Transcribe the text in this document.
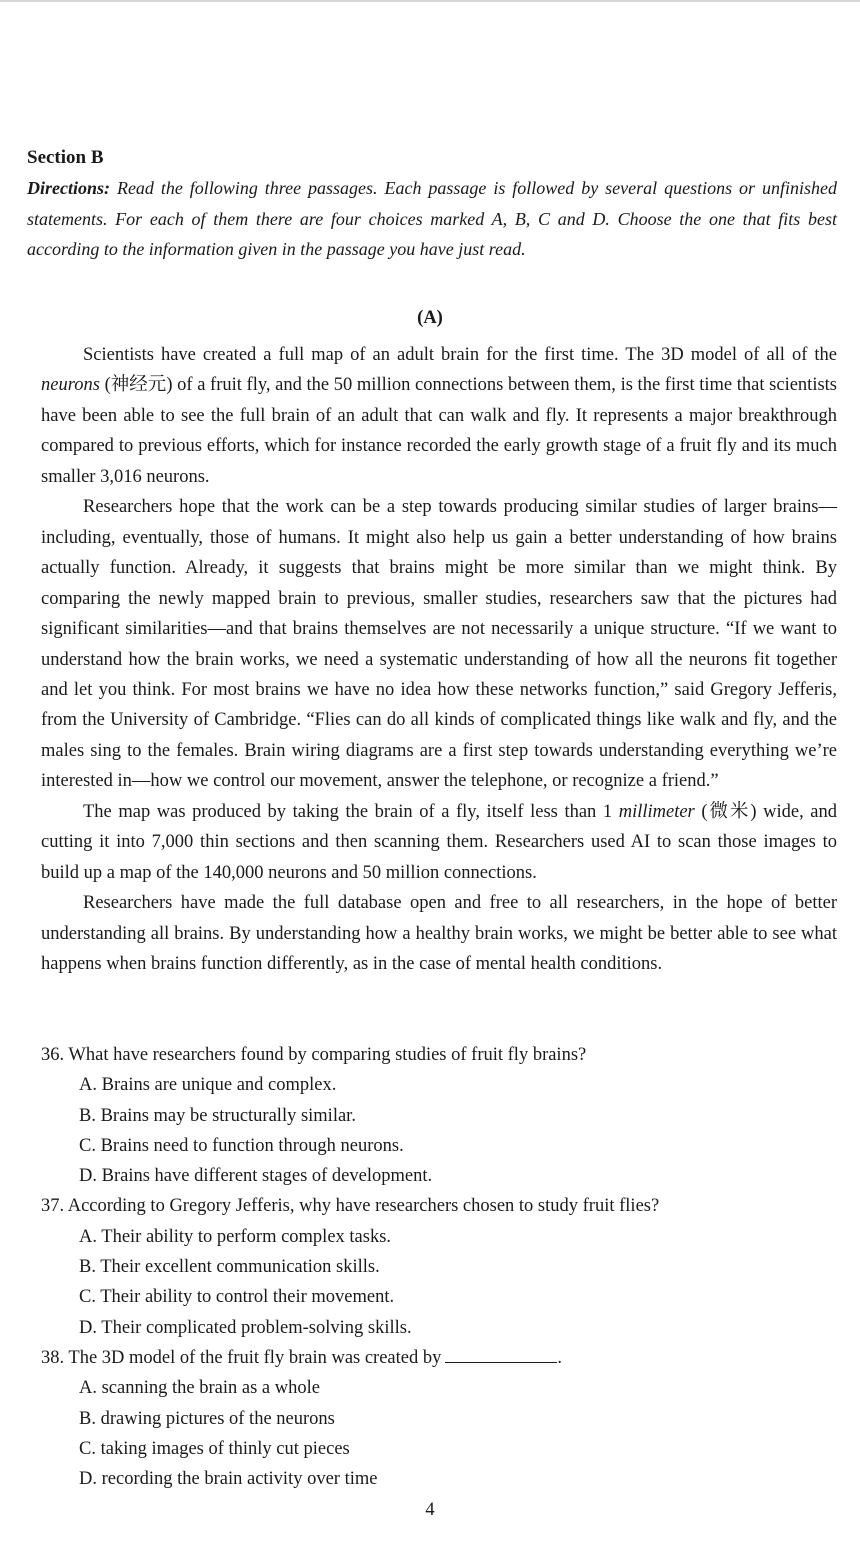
Section B
Directions: Read the following three passages. Each passage is followed by several questions or unfinished statements. For each of them there are four choices marked A, B, C and D. Choose the one that fits best according to the information given in the passage you have just read.
(A)

Scientists have created a full map of an adult brain for the first time. The 3D model of all of the neurons (神经元) of a fruit fly, and the 50 million connections between them, is the first time that scientists have been able to see the full brain of an adult that can walk and fly. It represents a major breakthrough compared to previous efforts, which for instance recorded the early growth stage of a fruit fly and its much smaller 3,016 neurons.

Researchers hope that the work can be a step towards producing similar studies of larger brains—including, eventually, those of humans. It might also help us gain a better understanding of how brains actually function. Already, it suggests that brains might be more similar than we might think. By comparing the newly mapped brain to previous, smaller studies, researchers saw that the pictures had significant similarities—and that brains themselves are not necessarily a unique structure. “If we want to understand how the brain works, we need a systematic understanding of how all the neurons fit together and let you think. For most brains we have no idea how these networks function,” said Gregory Jefferis, from the University of Cambridge. “Flies can do all kinds of complicated things like walk and fly, and the males sing to the females. Brain wiring diagrams are a first step towards understanding everything we’re interested in—how we control our movement, answer the telephone, or recognize a friend.”

The map was produced by taking the brain of a fly, itself less than 1 millimeter (微米) wide, and cutting it into 7,000 thin sections and then scanning them. Researchers used AI to scan those images to build up a map of the 140,000 neurons and 50 million connections.

Researchers have made the full database open and free to all researchers, in the hope of better understanding all brains. By understanding how a healthy brain works, we might be better able to see what happens when brains function differently, as in the case of mental health conditions.

36. What have researchers found by comparing studies of fruit fly brains?

A. Brains are unique and complex.

B. Brains may be structurally similar.

C. Brains need to function through neurons.

D. Brains have different stages of development.

37. According to Gregory Jefferis, why have researchers chosen to study fruit flies?

A. Their ability to perform complex tasks.

B. Their excellent communication skills.

C. Their ability to control their movement.

D. Their complicated problem-solving skills.

38. The 3D model of the fruit fly brain was created by	.

A. scanning the brain as a whole

B. drawing pictures of the neurons

C. taking images of thinly cut pieces

D. recording the brain activity over time

4
